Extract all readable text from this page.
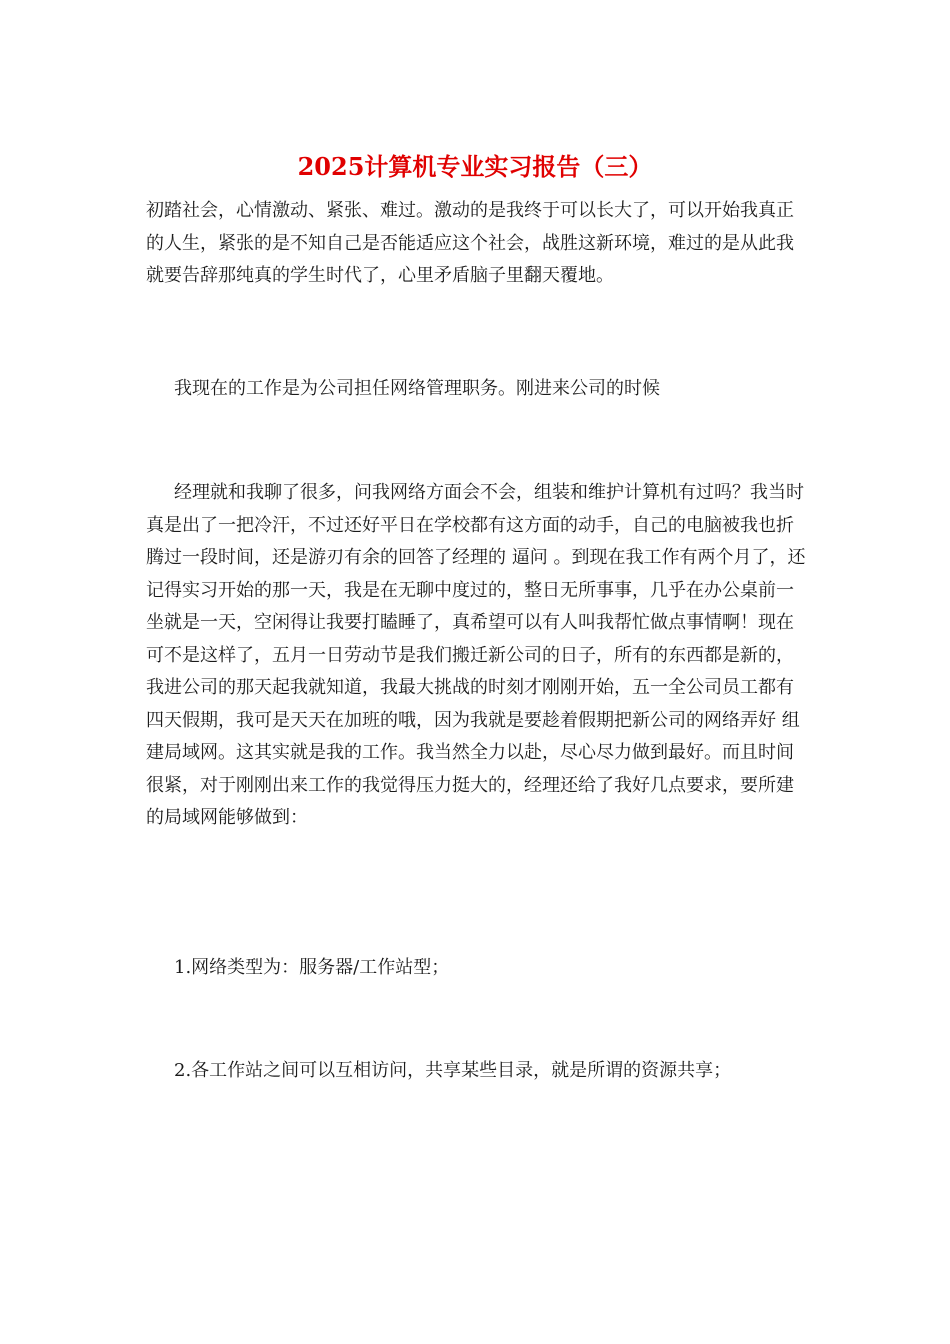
2025计算机专业实习报告（三）

初踏社会，心情激动、紧张、难过。激动的是我终于可以长大了，可以开始我真正的人生，紧张的是不知自己是否能适应这个社会，战胜这新环境，难过的是从此我就要告辞那纯真的学生时代了，心里矛盾脑子里翻天覆地。

我现在的工作是为公司担任网络管理职务。刚进来公司的时候

经理就和我聊了很多，问我网络方面会不会，组装和维护计算机有过吗？我当时真是出了一把冷汗，不过还好平日在学校都有这方面的动手，自己的电脑被我也折腾过一段时间，还是游刃有余的回答了经理的 逼问 。到现在我工作有两个月了，还记得实习开始的那一天，我是在无聊中度过的，整日无所事事，几乎在办公桌前一坐就是一天，空闲得让我要打瞌睡了，真希望可以有人叫我帮忙做点事情啊！现在可不是这样了，五月一日劳动节是我们搬迁新公司的日子，所有的东西都是新的，我进公司的那天起我就知道，我最大挑战的时刻才刚刚开始，五一全公司员工都有四天假期，我可是天天在加班的哦，因为我就是要趁着假期把新公司的网络弄好 组建局域网。这其实就是我的工作。我当然全力以赴，尽心尽力做到最好。而且时间很紧，对于刚刚出来工作的我觉得压力挺大的，经理还给了我好几点要求，要所建的局域网能够做到：

1.网络类型为：服务器/工作站型；

2.各工作站之间可以互相访问，共享某些目录，就是所谓的资源共享；
